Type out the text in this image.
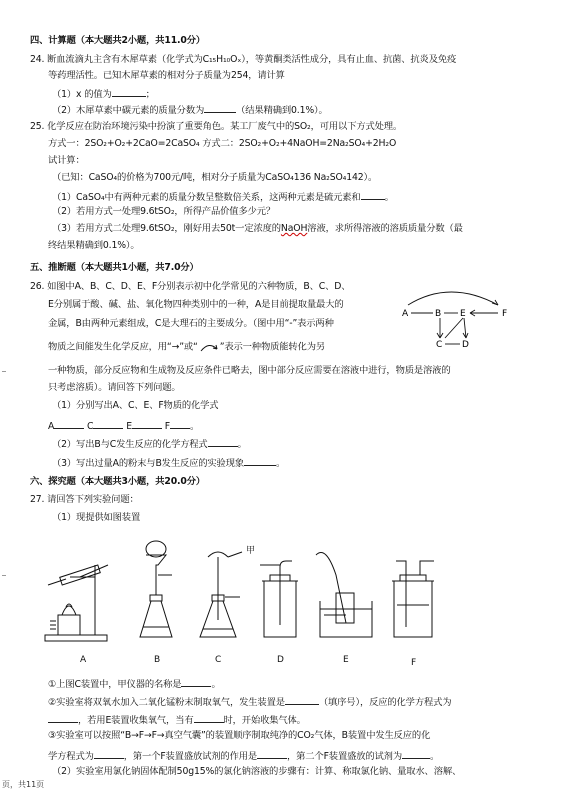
四、计算题（本大题共2小题，共11.0分）
24. 断血流滴丸主含有木犀草素（化学式为C₁₅H₁₀Oₓ），等黄酮类活性成分，具有止血、抗菌、抗炎及免疫
等药理活性。已知木犀草素的相对分子质量为254，请计算
（1）x 的值为	；
（2）木犀草素中碳元素的质量分数为	（结果精确到0.1%）。
25. 化学反应在防治环境污染中扮演了重要角色。某工厂废气中的SO₂，可用以下方式处理。
方式一：2SO₂+O₂+2CaO=2CaSO₄ 方式二：2SO₂+O₂+4NaOH=2Na₂SO₄+2H₂O
试计算：
（已知：CaSO₄的价格为700元/吨，相对分子质量为CaSO₄136 Na₂SO₄142）。
（1）CaSO₄中有两种元素的质量分数呈整数倍关系，这两种元素是硫元素和	。
（2）若用方式一处理9.6tSO₂，所得产品价值多少元？
（3）若用方式二处理9.6tSO₂，刚好用去50t一定浓度的NaOH溶液，求所得溶液的溶质质量分数（最
终结果精确到0.1%）。
五、推断题（本大题共1小题，共7.0分）
26. 如图中A、B、C、D、E、F分别表示初中化学常见的六种物质，B、C、D、
E分别属于酸、碱、盐、氧化物四种类别中的一种，A是目前提取量最大的
金属，B由两种元素组成，C是大理石的主要成分。（图中用“-”表示两种
物质之间能发生化学反应，用“→”或“ ”表示一种物质能转化为另
A	B E	F
C D
一种物质，部分反应物和生成物及反应条件已略去，图中部分反应需要在溶液中进行，物质是溶液的
只考虑溶质）。请回答下列问题。
（1）分别写出A、C、E、F物质的化学式
A	C	E	F 。
（2）写出B与C发生反应的化学方程式	。
（3）写出过量A的粉末与B发生反应的实验现象	。
六、探究题（本大题共3小题，共20.0分）
27. 请回答下列实验问题：
（1）现提供如图装置
甲
A	B	C	D	E	F
①上图C装置中，甲仪器的名称是	。
②实验室将双氧水加入二氧化锰粉末制取氧气，发生装置是	（填序号），反应的化学方程式为
，若用E装置收集氧气，当有	时，开始收集气体。
③实验室可以按照“B→F→F→真空气囊”的装置顺序制取纯净的CO₂气体，B装置中发生反应的化
学方程式为	，第一个F装置盛放试剂的作用是	，第二个F装置盛放的试剂为	。
（2）实验室用氯化钠固体配制50g15%的氯化钠溶液的步骤有：计算、称取氯化钠、量取水、溶解、
页，共11页
